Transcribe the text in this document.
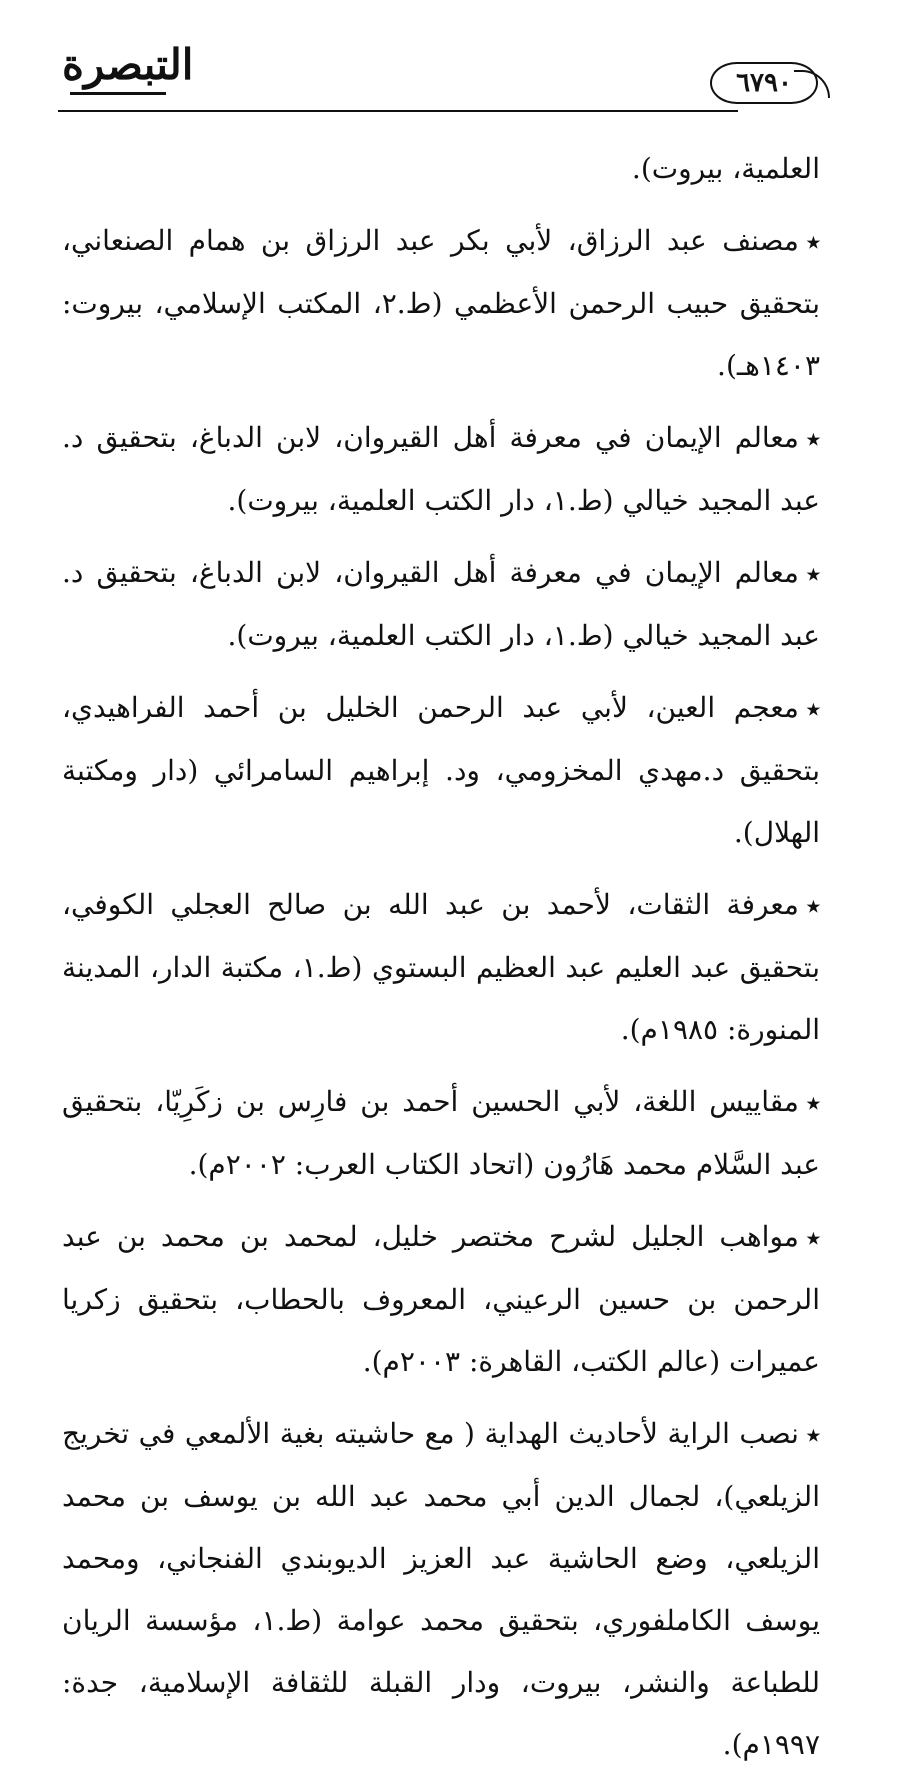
التبصرة	٦٧٩٠

العلمية، بيروت).

٭مصنف عبد الرزاق، لأبي بكر عبد الرزاق بن همام الصنعاني، بتحقيق حبيب الرحمن الأعظمي (ط.٢، المكتب الإسلامي، بيروت: ١٤٠٣هـ).

٭معالم الإيمان في معرفة أهل القيروان، لابن الدباغ، بتحقيق د. عبد المجيد خيالي (ط.١، دار الكتب العلمية، بيروت).

٭معالم الإيمان في معرفة أهل القيروان، لابن الدباغ، بتحقيق د. عبد المجيد خيالي (ط.١، دار الكتب العلمية، بيروت).

٭معجم العين، لأبي عبد الرحمن الخليل بن أحمد الفراهيدي، بتحقيق د.مهدي المخزومي، ود. إبراهيم السامرائي (دار ومكتبة الهلال).

٭معرفة الثقات، لأحمد بن عبد الله بن صالح العجلي الكوفي، بتحقيق عبد العليم عبد العظيم البستوي (ط.١، مكتبة الدار، المدينة المنورة: ١٩٨٥م).

٭مقاييس اللغة، لأبي الحسين أحمد بن فارِس بن زكَرِيّا، بتحقيق عبد السَّلام محمد هَارُون (اتحاد الكتاب العرب: ٢٠٠٢م).

٭مواهب الجليل لشرح مختصر خليل، لمحمد بن محمد بن عبد الرحمن بن حسين الرعيني، المعروف بالحطاب، بتحقيق زكريا عميرات (عالم الكتب، القاهرة: ٢٠٠٣م).

٭نصب الراية لأحاديث الهداية ( مع حاشيته بغية الألمعي في تخريج الزيلعي)، لجمال الدين أبي محمد عبد الله بن يوسف بن محمد الزيلعي، وضع الحاشية عبد العزيز الديوبندي الفنجاني، ومحمد يوسف الكاملفوري، بتحقيق محمد عوامة (ط.١، مؤسسة الريان للطباعة والنشر، بيروت، ودار القبلة للثقافة الإسلامية، جدة: ١٩٩٧م).
